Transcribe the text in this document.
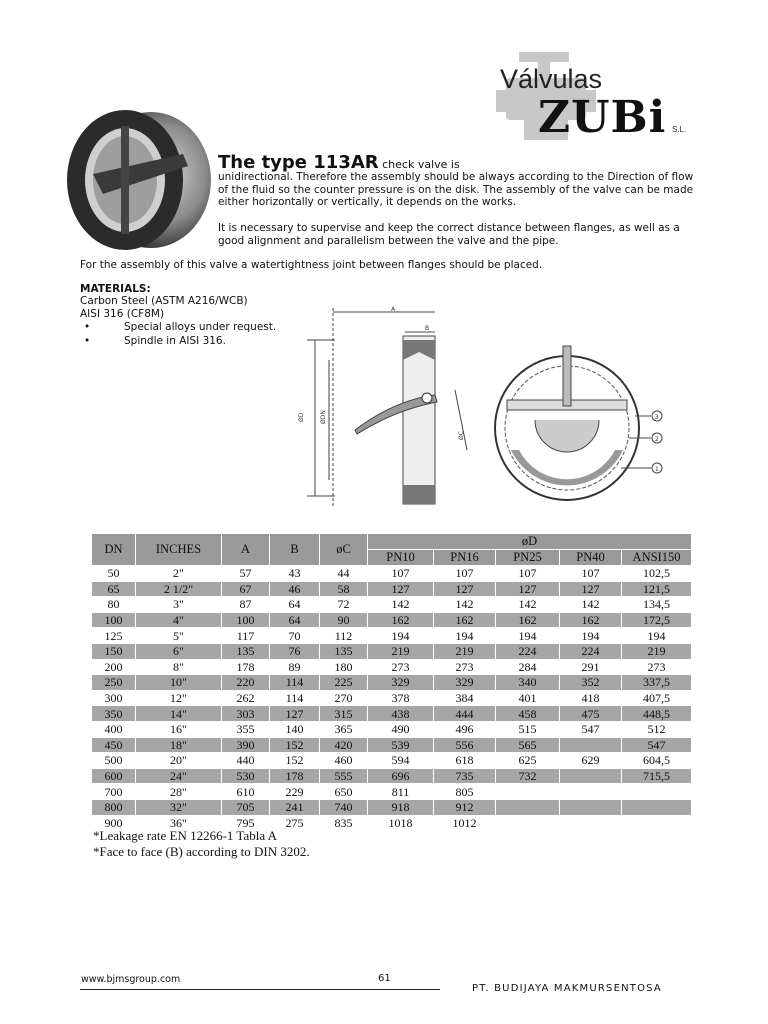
Válvulas
ZUBi S.L.
The type 113AR check valve is
unidirectional. Therefore the assembly should be always according to the Direction of flow of the fluid so the counter pressure is on the disk. The assembly of the valve can be made either horizontally or vertically, it depends on the works.
It is necessary to supervise and keep the correct distance between flanges, as well as a good alignment and parallelism between the valve and the pipe.
For the assembly of this valve a watertightness joint between flanges should be placed.
MATERIALS:
Carbon Steel (ASTM A216/WCB)
AISI 316 (CF8M)
•	Special alloys under request.
•	Spindle in AISI 316.
A
B
ØD	ØDN
ØC
3
2
1
DN	INCHES	A	B	øC	øD				
					PN10	PN16	PN25	PN40	ANSI150
50	2"	57	43	44	107	107	107	107	102,5
65	2 1/2"	67	46	58	127	127	127	127	121,5
80	3"	87	64	72	142	142	142	142	134,5
100	4"	100	64	90	162	162	162	162	172,5
125	5"	117	70	112	194	194	194	194	194
150	6"	135	76	135	219	219	224	224	219
200	8"	178	89	180	273	273	284	291	273
250	10"	220	114	225	329	329	340	352	337,5
300	12"	262	114	270	378	384	401	418	407,5
350	14"	303	127	315	438	444	458	475	448,5
400	16"	355	140	365	490	496	515	547	512
450	18"	390	152	420	539	556	565		547
500	20"	440	152	460	594	618	625	629	604,5
600	24"	530	178	555	696	735	732		715,5
700	28"	610	229	650	811	805			
800	32"	705	241	740	918	912			
900	36"	795	275	835	1018	1012			
*Leakage rate EN 12266-1 Tabla A
*Face to face (B) according to DIN 3202.
www.bjmsgroup.com	61
PT. BUDIJAYA MAKMURSENTOSA
